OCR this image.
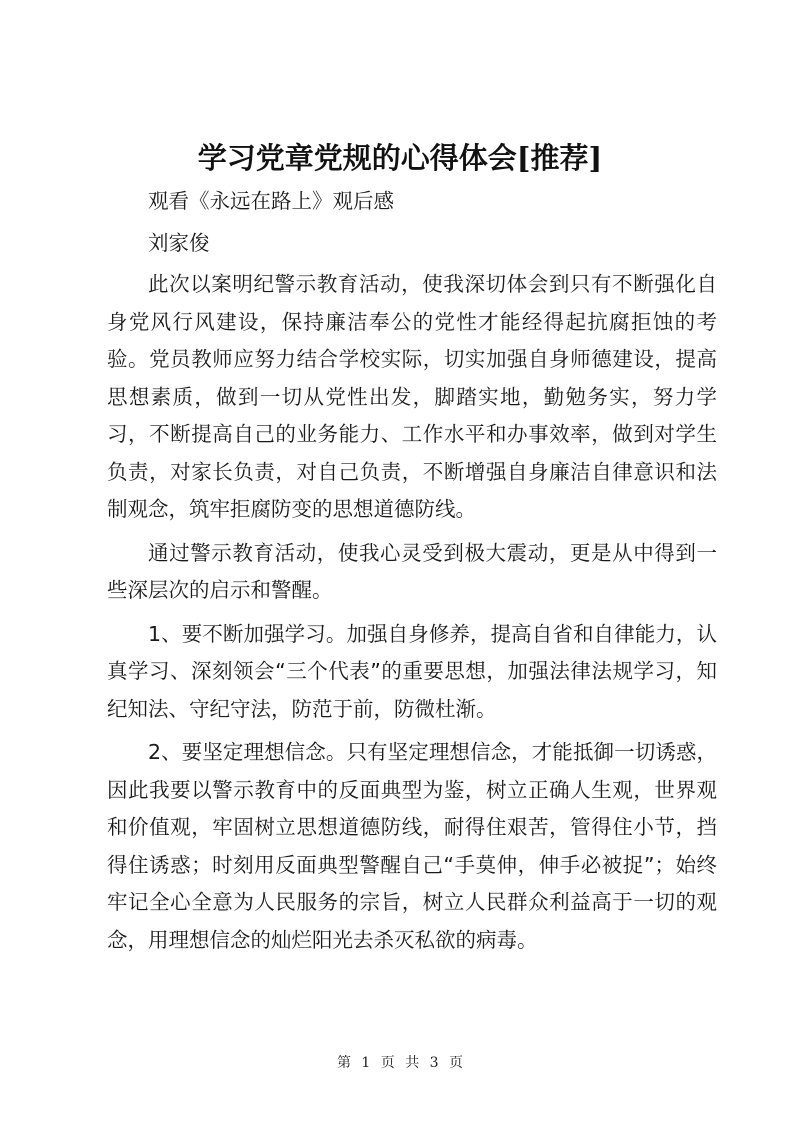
学习党章党规的心得体会[推荐]

观看《永远在路上》观后感

刘家俊

此次以案明纪警示教育活动，使我深切体会到只有不断强化自身党风行风建设，保持廉洁奉公的党性才能经得起抗腐拒蚀的考验。党员教师应努力结合学校实际，切实加强自身师德建设，提高思想素质，做到一切从党性出发，脚踏实地，勤勉务实，努力学习，不断提高自己的业务能力、工作水平和办事效率，做到对学生负责，对家长负责，对自己负责，不断增强自身廉洁自律意识和法制观念，筑牢拒腐防变的思想道德防线。

通过警示教育活动，使我心灵受到极大震动，更是从中得到一些深层次的启示和警醒。

1、要不断加强学习。加强自身修养，提高自省和自律能力，认真学习、深刻领会“三个代表”的重要思想，加强法律法规学习，知纪知法、守纪守法，防范于前，防微杜渐。

2、要坚定理想信念。只有坚定理想信念，才能抵御一切诱惑，因此我要以警示教育中的反面典型为鉴，树立正确人生观，世界观和价值观，牢固树立思想道德防线，耐得住艰苦，管得住小节，挡得住诱惑；时刻用反面典型警醒自己“手莫伸，伸手必被捉”；始终牢记全心全意为人民服务的宗旨，树立人民群众利益高于一切的观念，用理想信念的灿烂阳光去杀灭私欲的病毒。

第 1 页 共 3 页
